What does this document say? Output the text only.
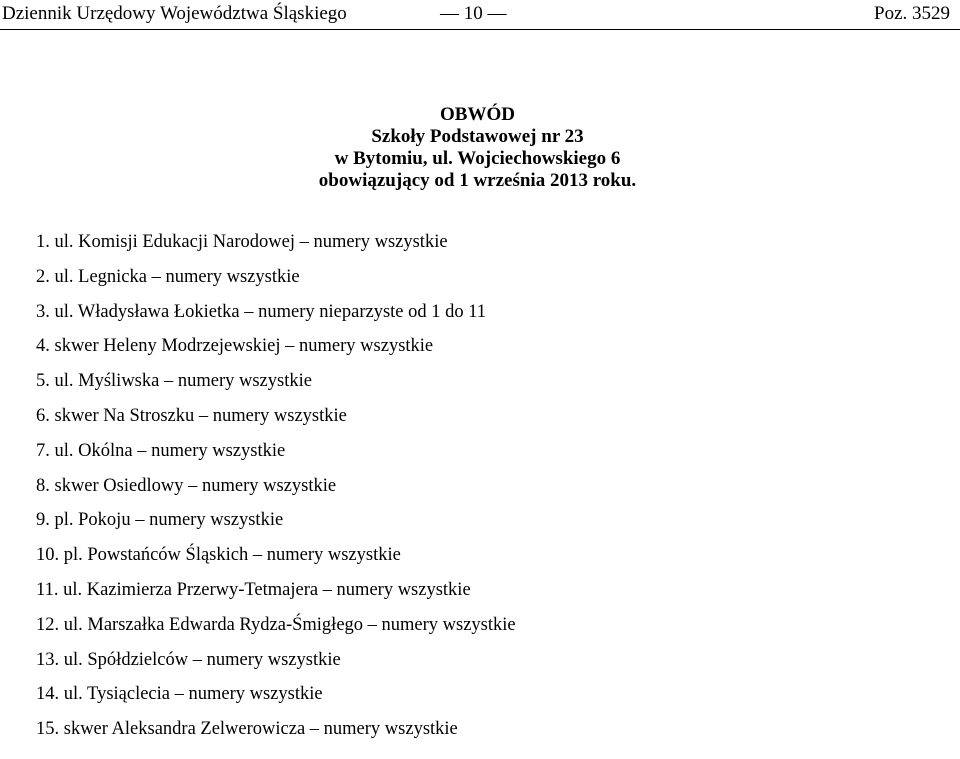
Dziennik Urzędowy Województwa Śląskiego	— 10 —	Poz. 3529
OBWÓD
Szkoły Podstawowej nr 23
w Bytomiu, ul. Wojciechowskiego 6
obowiązujący od 1 września 2013 roku.
1. ul. Komisji Edukacji Narodowej – numery wszystkie
2. ul. Legnicka – numery wszystkie
3. ul. Władysława Łokietka – numery nieparzyste od 1 do 11
4. skwer Heleny Modrzejewskiej – numery wszystkie
5. ul. Myśliwska – numery wszystkie
6. skwer Na Stroszku – numery wszystkie
7. ul. Okólna – numery wszystkie
8. skwer Osiedlowy – numery wszystkie
9. pl. Pokoju – numery wszystkie
10. pl. Powstańców Śląskich – numery wszystkie
11. ul. Kazimierza Przerwy-Tetmajera – numery wszystkie
12. ul. Marszałka Edwarda Rydza-Śmigłego – numery wszystkie
13. ul. Spółdzielców – numery wszystkie
14. ul. Tysiąclecia – numery wszystkie
15. skwer Aleksandra Zelwerowicza – numery wszystkie
